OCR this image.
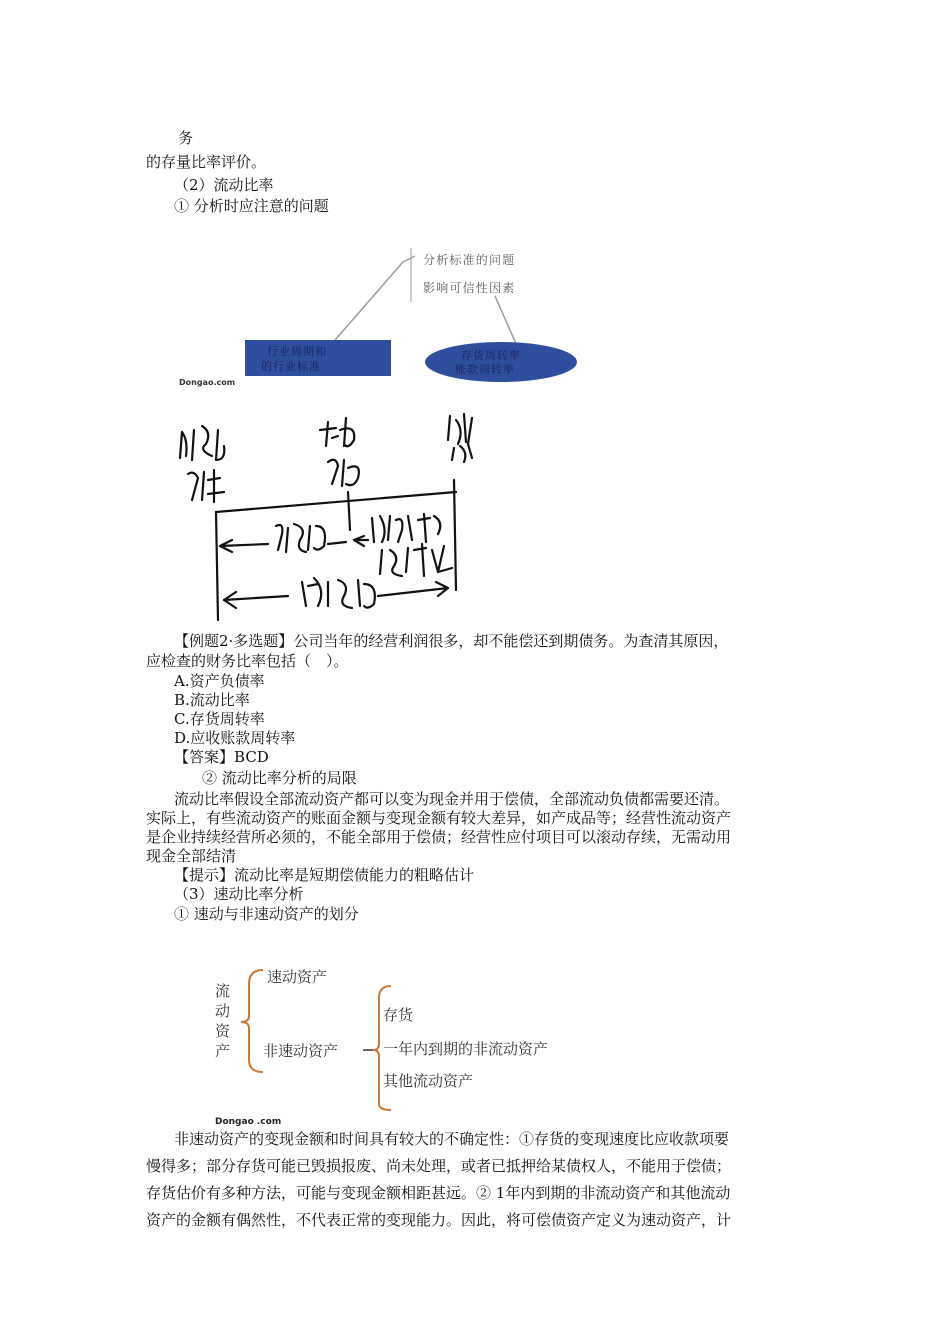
务
的存量比率评价。
（2）流动比率
① 分析时应注意的问题
分析标准的问题
影响可信性因素
行业周期和
的行业标准
存货周转率
账款周转率
Dongao.com
【例题2·多选题】公司当年的经营利润很多，却不能偿还到期债务。为查清其原因，
应检查的财务比率包括（　）。
A.资产负债率
B.流动比率
C.存货周转率
D.应收账款周转率
【答案】BCD
② 流动比率分析的局限
流动比率假设全部流动资产都可以变为现金并用于偿债，全部流动负债都需要还清。
实际上，有些流动资产的账面金额与变现金额有较大差异，如产成品等；经营性流动资产
是企业持续经营所必须的，不能全部用于偿债；经营性应付项目可以滚动存续，无需动用
现金全部结清
【提示】流动比率是短期偿债能力的粗略估计
（3）速动比率分析
① 速动与非速动资产的划分
流
动
资
产
速动资产
非速动资产
存货
一年内到期的非流动资产
其他流动资产
Dongao .com
非速动资产的变现金额和时间具有较大的不确定性：①存货的变现速度比应收款项要
慢得多；部分存货可能已毁损报废、尚未处理，或者已抵押给某债权人，不能用于偿债；
存货估价有多种方法，可能与变现金额相距甚远。② 1年内到期的非流动资产和其他流动
资产的金额有偶然性，不代表正常的变现能力。因此，将可偿债资产定义为速动资产，计
